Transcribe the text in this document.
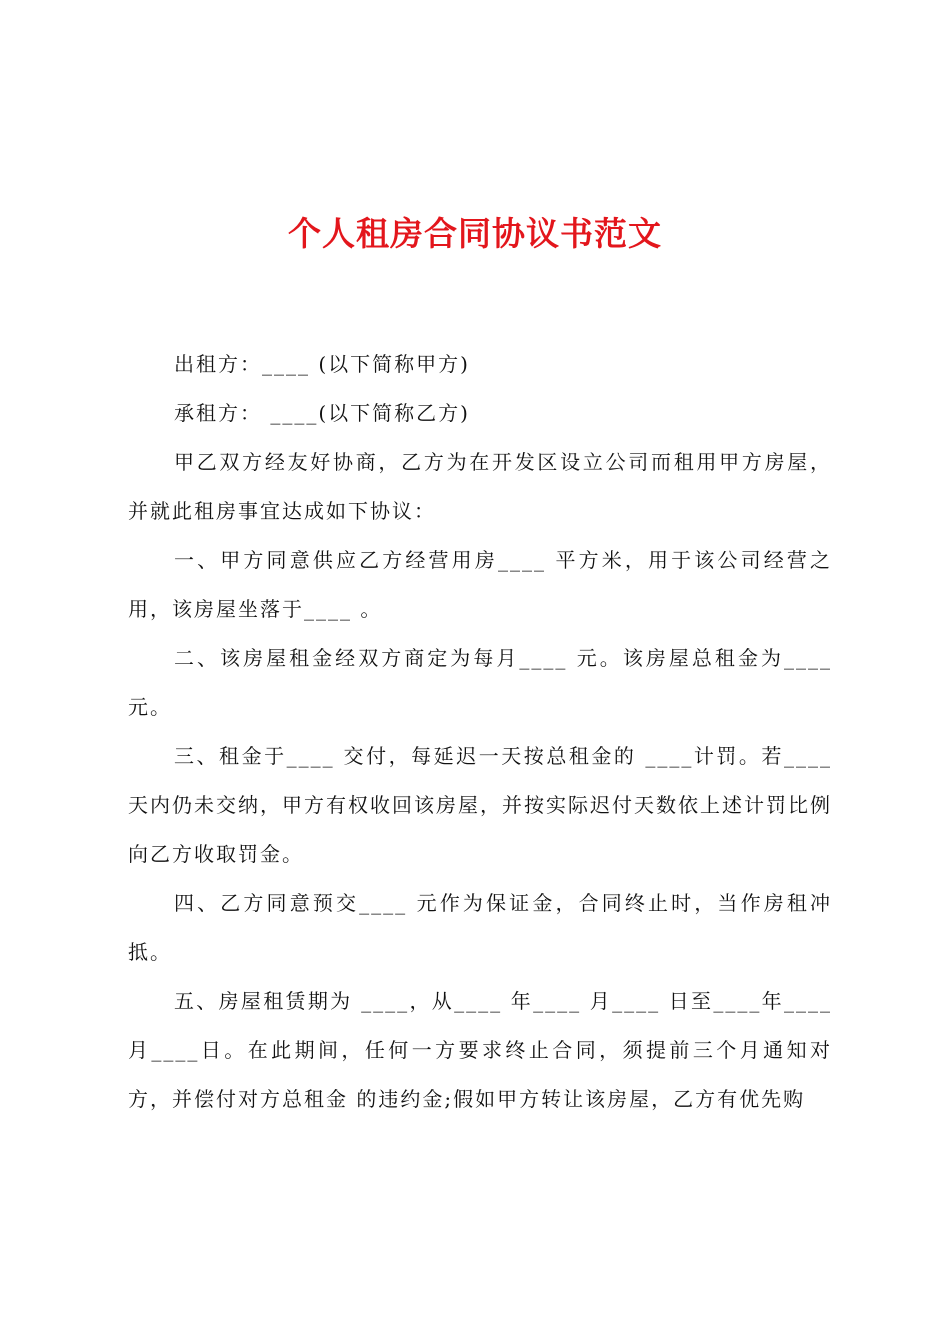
个人租房合同协议书范文

出租方：____ (以下简称甲方)

承租方： ____(以下简称乙方)

甲乙双方经友好协商，乙方为在开发区设立公司而租用甲方房屋，并就此租房事宜达成如下协议：

一、甲方同意供应乙方经营用房____ 平方米，用于该公司经营之用，该房屋坐落于____ 。

二、该房屋租金经双方商定为每月____ 元。该房屋总租金为____ 元。

三、租金于____ 交付，每延迟一天按总租金的 ____计罚。若____天内仍未交纳，甲方有权收回该房屋，并按实际迟付天数依上述计罚比例向乙方收取罚金。

四、乙方同意预交____ 元作为保证金，合同终止时，当作房租冲抵。

五、房屋租赁期为 ____，从____ 年____ 月____ 日至____年____月____日。在此期间，任何一方要求终止合同，须提前三个月通知对方，并偿付对方总租金 的违约金;假如甲方转让该房屋，乙方有优先购
